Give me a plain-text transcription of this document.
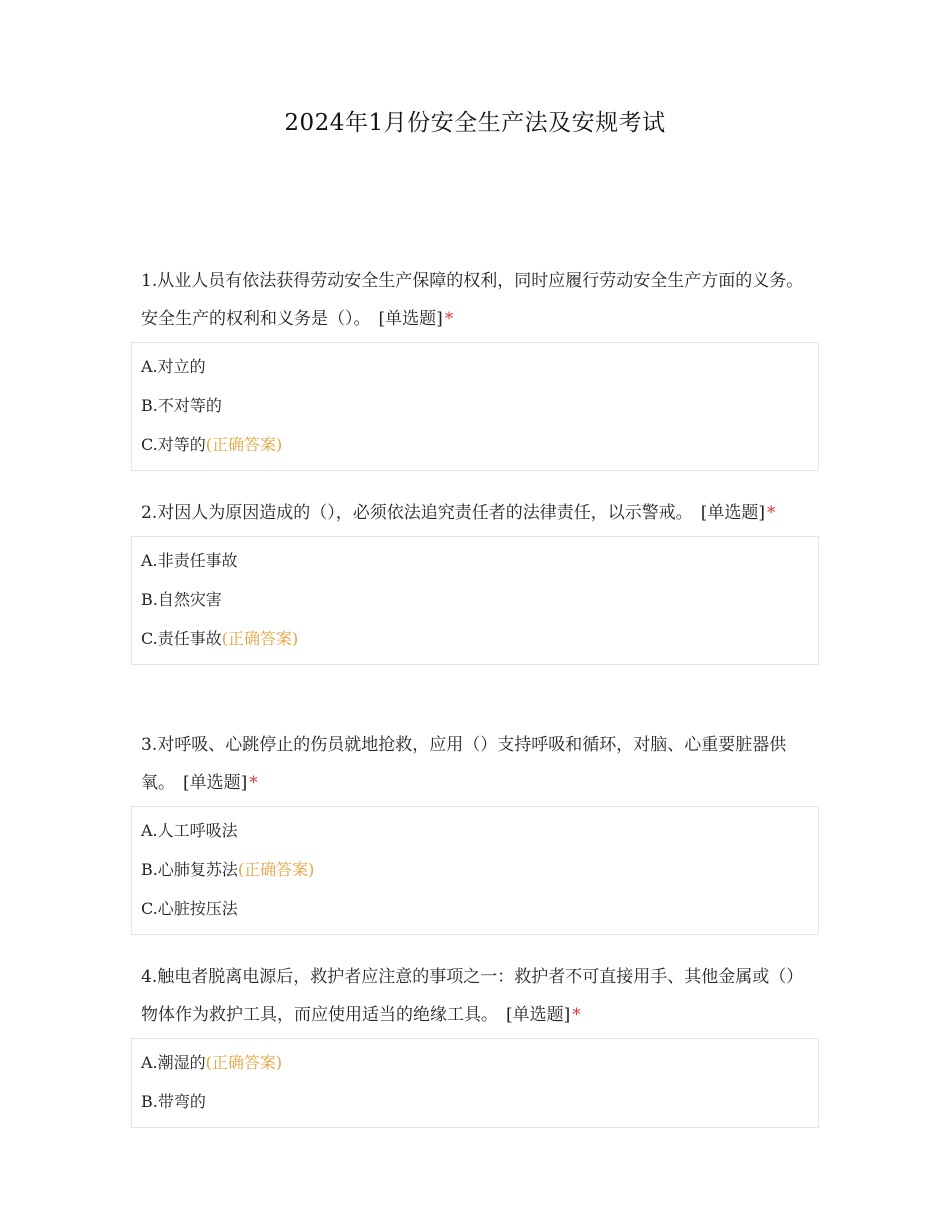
2024年1月份安全生产法及安规考试
1.从业人员有依法获得劳动安全生产保障的权利，同时应履行劳动安全生产方面的义务。安全生产的权利和义务是（）。 [单选题] *
A.对立的
B.不对等的
C.对等的(正确答案)
2.对因人为原因造成的（），必须依法追究责任者的法律责任，以示警戒。 [单选题] *
A.非责任事故
B.自然灾害
C.责任事故(正确答案)
3.对呼吸、心跳停止的伤员就地抢救，应用（）支持呼吸和循环，对脑、心重要脏器供氧。 [单选题] *
A.人工呼吸法
B.心肺复苏法(正确答案)
C.心脏按压法
4.触电者脱离电源后，救护者应注意的事项之一：救护者不可直接用手、其他金属或（）物体作为救护工具，而应使用适当的绝缘工具。 [单选题] *
A.潮湿的(正确答案)
B.带弯的
